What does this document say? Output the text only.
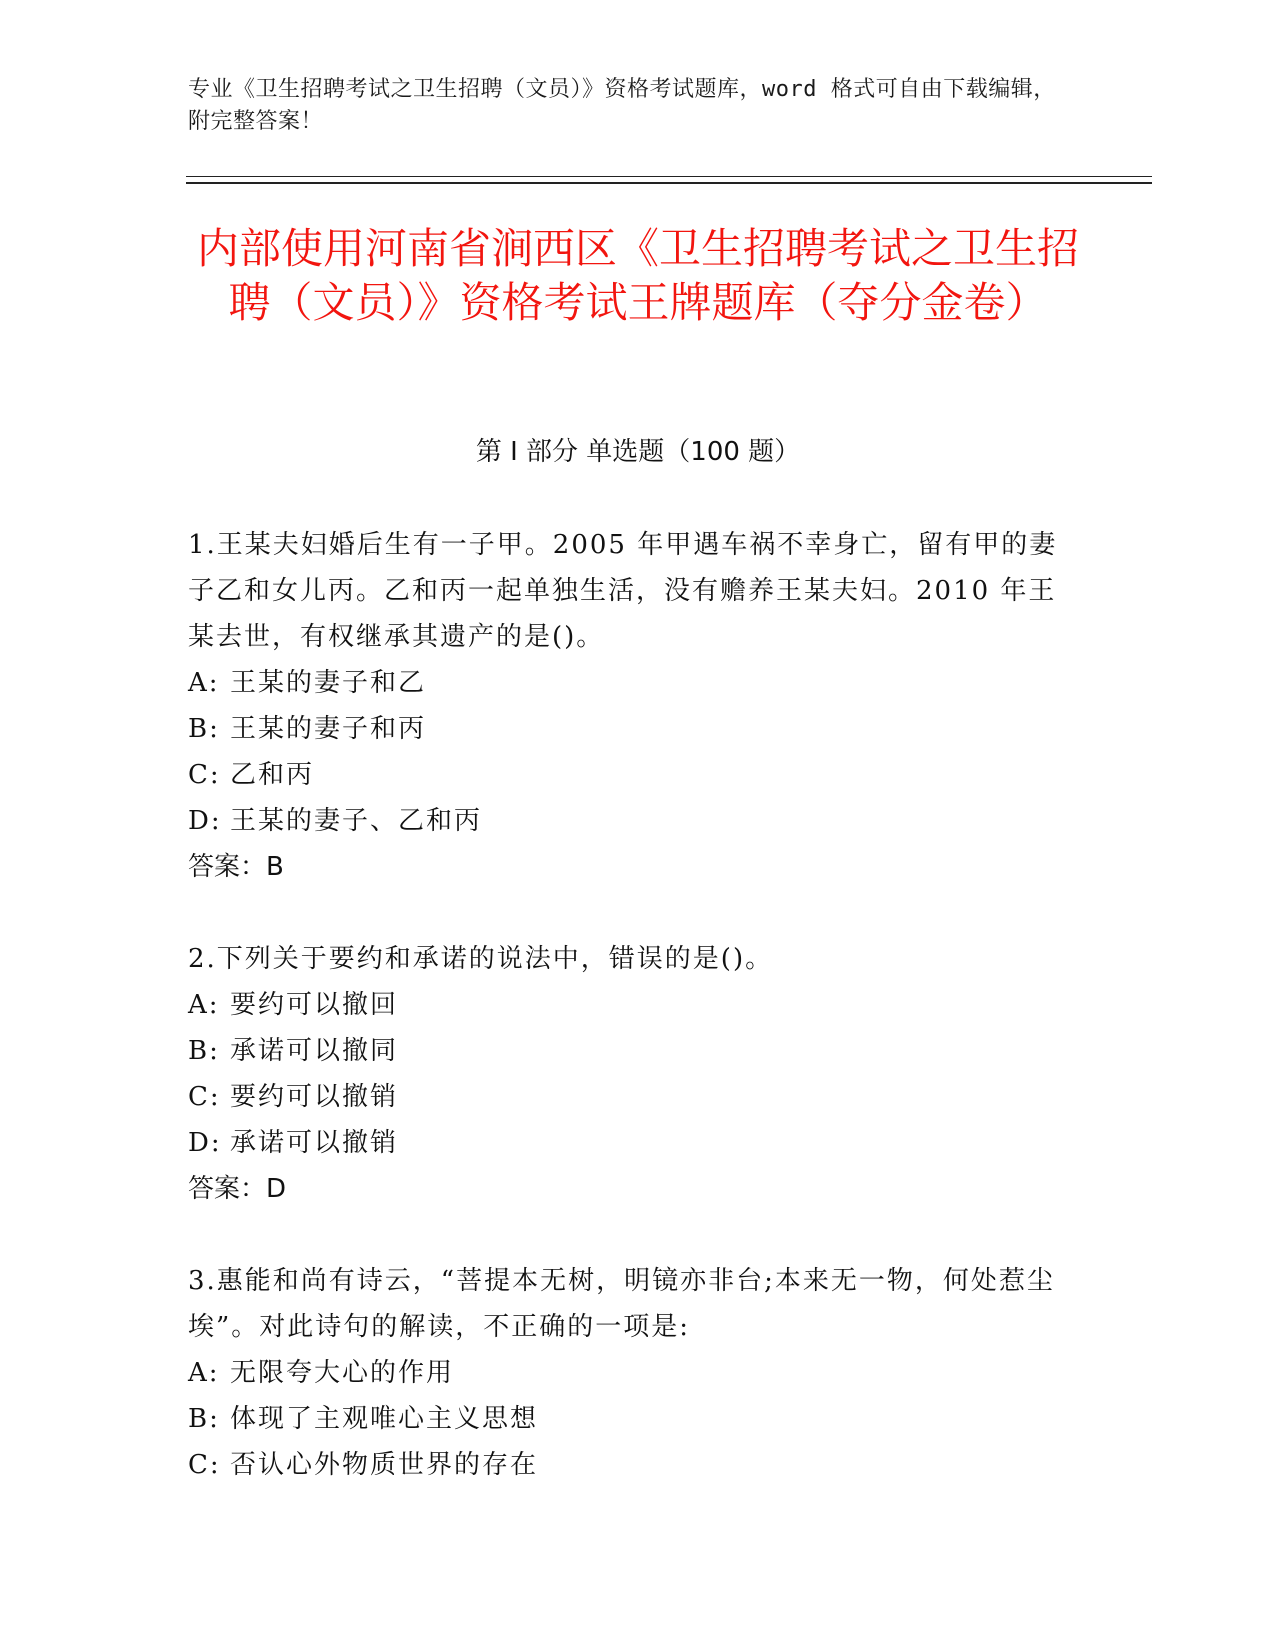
专业《卫生招聘考试之卫生招聘（文员）》资格考试题库，word 格式可自由下载编辑，附完整答案！
内部使用河南省涧西区《卫生招聘考试之卫生招聘（文员）》资格考试王牌题库（夺分金卷）
第 I 部分 单选题（100 题）

1.王某夫妇婚后生有一子甲。2005 年甲遇车祸不幸身亡，留有甲的妻子乙和女儿丙。乙和丙一起单独生活，没有赡养王某夫妇。2010 年王某去世，有权继承其遗产的是()。

A: 王某的妻子和乙

B: 王某的妻子和丙

C: 乙和丙

D: 王某的妻子、乙和丙

答案：B

2.下列关于要约和承诺的说法中，错误的是()。

A: 要约可以撤回

B: 承诺可以撤同

C: 要约可以撤销

D: 承诺可以撤销

答案：D

3.惠能和尚有诗云，“菩提本无树，明镜亦非台;本来无一物，何处惹尘埃”。对此诗句的解读，不正确的一项是:

A: 无限夸大心的作用

B: 体现了主观唯心主义思想

C: 否认心外物质世界的存在
